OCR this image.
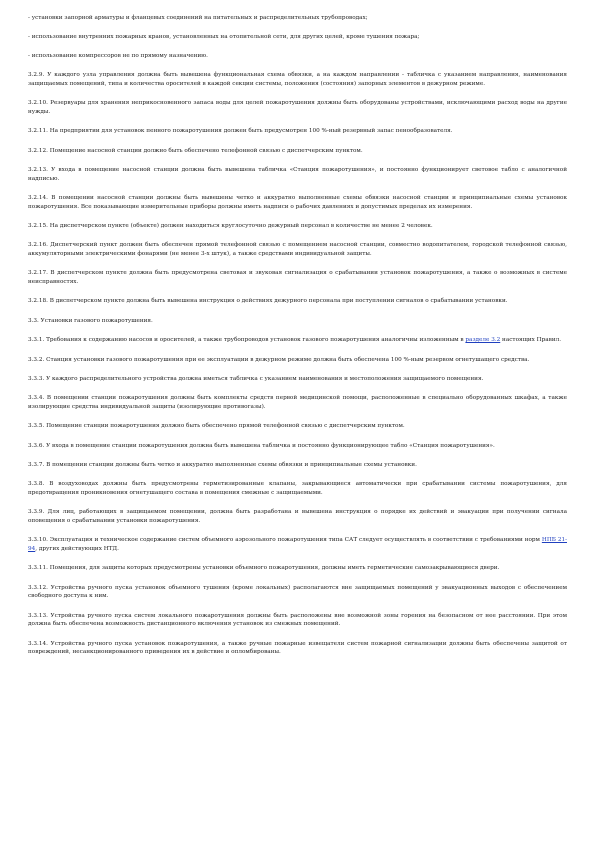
- установки запорной арматуры и фланцевых соединений на питательных и распределительных трубопроводах;

- использование внутренних пожарных кранов, установленных на отопительной сети, для других целей, кроме тушения пожара;

- использование компрессоров не по прямому назначению.

3.2.9. У каждого узла управления должна быть вывешена функциональная схема обвязки, а на каждом направлении - табличка с указанием направления, наименования защищаемых помещений, типа и количества оросителей в каждой секции системы, положения (состояния) запорных элементов в дежурном режиме.

3.2.10. Резервуары для хранения неприкосновенного запаса воды для целей пожаротушения должны быть оборудованы устройствами, исключающими расход воды на другие нужды.

3.2.11. На предприятии для установок пенного пожаротушения должен быть предусмотрен 100 %-ный резервный запас пенообразователя.

3.2.12. Помещение насосной станции должно быть обеспечено телефонной связью с диспетчерским пунктом.

3.2.13. У входа в помещение насосной станции должна быть вывешена табличка «Станция пожаротушения», и постоянно функционирует световое табло с аналогичной надписью.

3.2.14. В помещении насосной станции должны быть вывешены четко и аккуратно выполненные схемы обвязки насосной станции и принципиальные схемы установок пожаротушения. Все показывающие измерительные приборы должны иметь надписи о рабочих давлениях и допустимых пределах их измерения.

3.2.15. На диспетчерском пункте (объекте) должен находиться круглосуточно дежурный персонал в количестве не менее 2 человек.

3.2.16. Диспетчерский пункт должен быть обеспечен прямой телефонной связью с помещением насосной станции, совместно водопитателем, городской телефонной связью, аккумуляторными электрическими фонарями (не менее 3-х штук), а также средствами индивидуальной защиты.

3.2.17. В диспетчерском пункте должна быть предусмотрена световая и звуковая сигнализация о срабатывании установок пожаротушения, а также о возможных в системе неисправностях.

3.2.18. В диспетчерском пункте должна быть вывешена инструкция о действиях дежурного персонала при поступлении сигналов о срабатывании установки.

3.3. Установки газового пожаротушения.

3.3.1. Требования к содержанию насосов и оросителей, а также трубопроводов установок газового пожаротушения аналогичны изложенным в разделе 3.2 настоящих Правил.

3.3.2. Станция установки газового пожаротушения при ее эксплуатации в дежурном режиме должна быть обеспечена 100 %-ным резервом огнетушащего средства.

3.3.3. У каждого распределительного устройства должна иметься табличка с указанием наименования и местоположения защищаемого помещения.

3.3.4. В помещении станции пожаротушения должны быть комплекты средств первой медицинской помощи, расположенные в специально оборудованных шкафах, а также изолирующие средства индивидуальной защиты (изолирующие противогазы).

3.3.5. Помещение станции пожаротушения должно быть обеспечено прямой телефонной связью с диспетчерским пунктом.

3.3.6. У входа в помещение станции пожаротушения должна быть вывешена табличка и постоянно функционирующее табло «Станция пожаротушения».

3.3.7. В помещении станции должны быть четко и аккуратно выполненные схемы обвязки и принципиальные схемы установки.

3.3.8. В воздуховодах должны быть предусмотрены герметизированные клапаны, закрывающиеся автоматически при срабатывании системы пожаротушения, для предотвращения проникновения огнетушащего состава в помещения смежные с защищаемыми.

3.3.9. Для лиц, работающих в защищаемом помещении, должна быть разработана и вывешена инструкция о порядке их действий и эвакуации при получении сигнала оповещения о срабатывании установки пожаротушения.

3.3.10. Эксплуатация и техническое содержание систем объемного аэрозольного пожаротушения типа САТ следует осуществлять в соответствии с требованиями норм НПБ 21-94, других действующих НТД.

3.3.11. Помещения, для защиты которых предусмотрены установки объемного пожаротушения, должны иметь герметические самозакрывающиеся двери.

3.3.12. Устройства ручного пуска установок объемного тушения (кроме локальных) располагаются вне защищаемых помещений у эвакуационных выходов с обеспечением свободного доступа к ним.

3.3.13. Устройства ручного пуска систем локального пожаротушения должны быть расположены вне возможной зоны горения на безопасном от нее расстоянии. При этом должна быть обеспечена возможность дистанционного включения установок из смежных помещений.

3.3.14. Устройства ручного пуска установок пожаротушения, а также ручные пожарные извещатели систем пожарной сигнализации должны быть обеспечены защитой от повреждений, несанкционированного приведения их в действие и опломбированы.
